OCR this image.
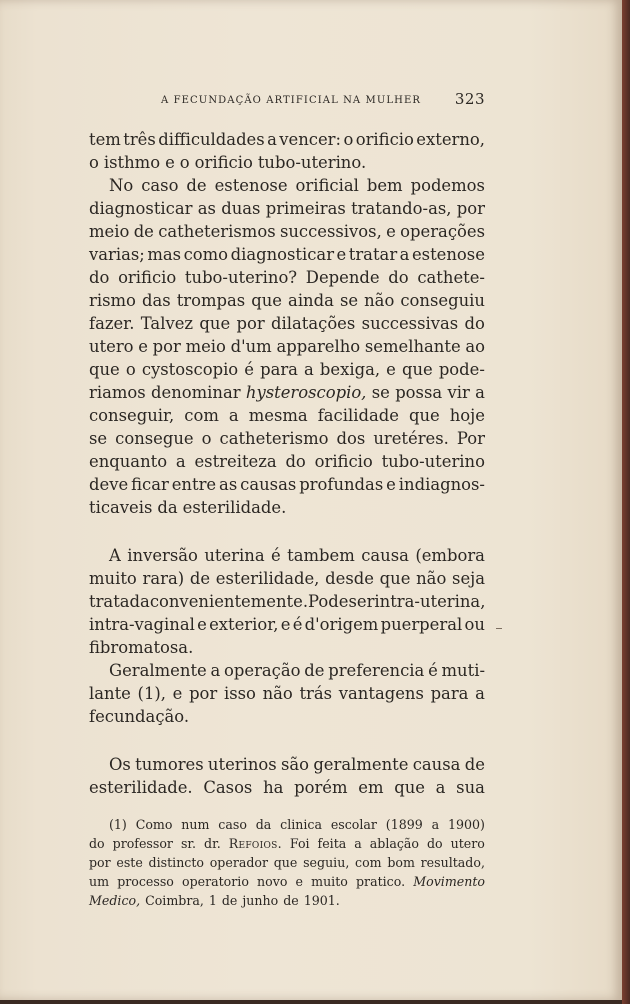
A FECUNDAÇÃO ARTIFICIAL NA MULHER 323
tem três difficuldades a vencer: o orificio externo,
o isthmo e o orificio tubo-uterino.
No caso de estenose orificial bem podemos
diagnosticar as duas primeiras tratando-as, por
meio de catheterismos successivos, e operações
varias; mas como diagnosticar e tratar a estenose
do orificio tubo-uterino? Depende do cathete-
rismo das trompas que ainda se não conseguiu
fazer. Talvez que por dilatações successivas do
utero e por meio d'um apparelho semelhante ao
que o cystoscopio é para a bexiga, e que pode-
riamos denominar hysteroscopio, se possa vir a
conseguir, com a mesma facilidade que hoje
se consegue o catheterismo dos uretéres. Por
enquanto a estreiteza do orificio tubo-uterino
deve ficar entre as causas profundas e indiagnos-
ticaveis da esterilidade.
A inversão uterina é tambem causa (embora
muito rara) de esterilidade, desde que não seja
tratada convenientemente. Pode ser intra-uterina,
intra-vaginal e exterior, e é d'origem puerperal ou
fibromatosa.
Geralmente a operação de preferencia é muti-
lante (1), e por isso não trás vantagens para a
fecundação.
Os tumores uterinos são geralmente causa de
esterilidade. Casos ha porém em que a sua
(1) Como num caso da clinica escolar (1899 a 1900)
do professor sr. dr. Refoios. Foi feita a ablação do utero
por este distincto operador que seguiu, com bom resultado,
um processo operatorio novo e muito pratico. Movimento
Medico, Coimbra, 1 de junho de 1901.
